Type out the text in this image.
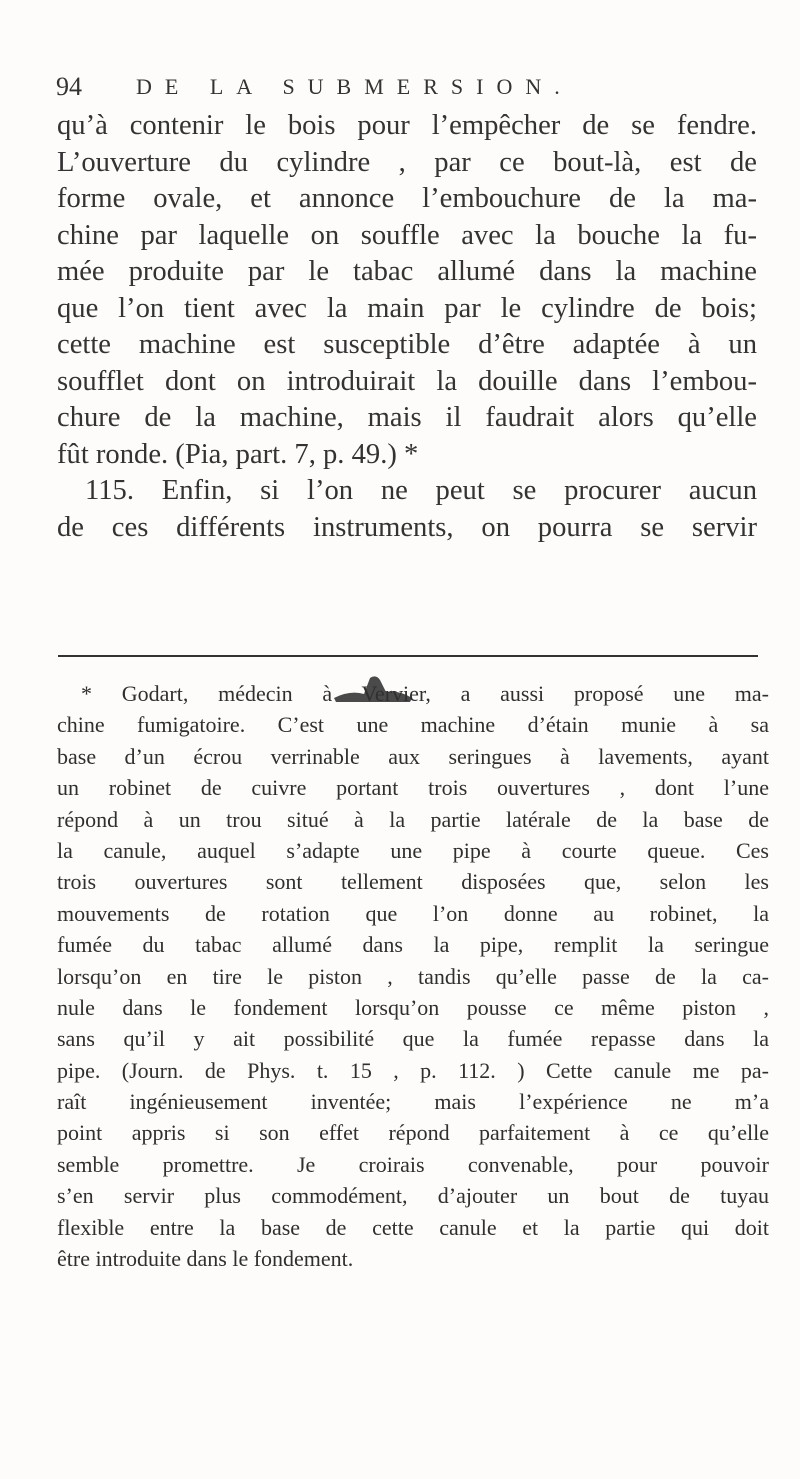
94 DE LA SUBMERSION.
qu’à contenir le bois pour l’empêcher de se fendre.
L’ouverture du cylindre , par ce bout-là, est de
forme ovale, et annonce l’embouchure de la ma-
chine par laquelle on souffle avec la bouche la fu-
mée produite par le tabac allumé dans la machine
que l’on tient avec la main par le cylindre de bois;
cette machine est susceptible d’être adaptée à un
soufflet dont on introduirait la douille dans l’embou-
chure de la machine, mais il faudrait alors qu’elle
fût ronde. (Pia, part. 7, p. 49.) *
115. Enfin, si l’on ne peut se procurer aucun
de ces différents instruments, on pourra se servir
* Godart, médecin à Vervier, a aussi proposé une ma-
chine fumigatoire. C’est une machine d’étain munie à sa
base d’un écrou verrinable aux seringues à lavements, ayant
un robinet de cuivre portant trois ouvertures , dont l’une
répond à un trou situé à la partie latérale de la base de
la canule, auquel s’adapte une pipe à courte queue. Ces
trois ouvertures sont tellement disposées que, selon les
mouvements de rotation que l’on donne au robinet, la
fumée du tabac allumé dans la pipe, remplit la seringue
lorsqu’on en tire le piston , tandis qu’elle passe de la ca-
nule dans le fondement lorsqu’on pousse ce même piston ,
sans qu’il y ait possibilité que la fumée repasse dans la
pipe. (Journ. de Phys. t. 15 , p. 112. ) Cette canule me pa-
raît ingénieusement inventée; mais l’expérience ne m’a
point appris si son effet répond parfaitement à ce qu’elle
semble promettre. Je croirais convenable, pour pouvoir
s’en servir plus commodément, d’ajouter un bout de tuyau
flexible entre la base de cette canule et la partie qui doit
être introduite dans le fondement.
